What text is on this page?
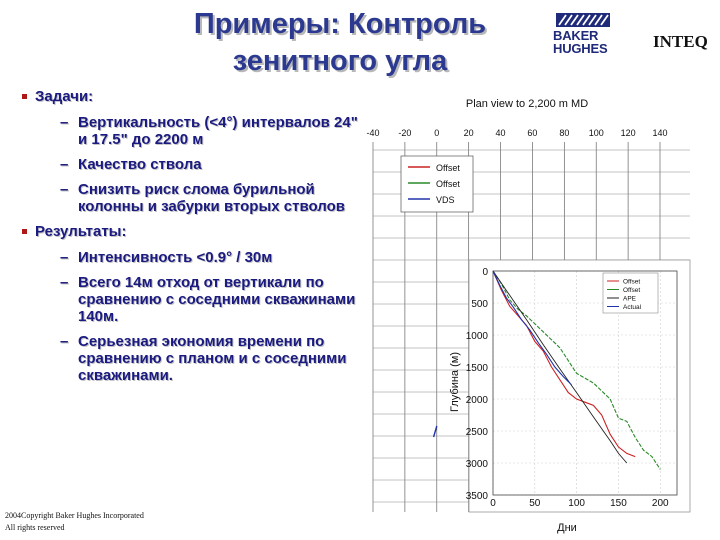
Примеры: Контроль
зенитного угла
BAKER
HUGHES	INTEQ
Задачи:
– Вертикальность (<4°) интервалов 24" и 17.5" до 2200 м
– Качество ствола
– Снизить риск слома бурильной колонны и забурки вторых стволов
Результаты:
– Интенсивность <0.9° / 30м
– Всего 14м отход от вертикали по сравнению с соседними скважинами 140м.
– Серьезная экономия времени по сравнению с планом и с соседними скважинами.
Plan view to 2,200 m MD
-40 -20	0	20 40 60 80 100 120 140
Offset
Offset
VDS
0
500
1000
1500
2000
2500
3000
3500
0	50	100	150	200
Дни
Глубина (м)
Offset
Offset
APE
Actual
2004Copyright Baker Hughes Incorporated
All rights reserved
